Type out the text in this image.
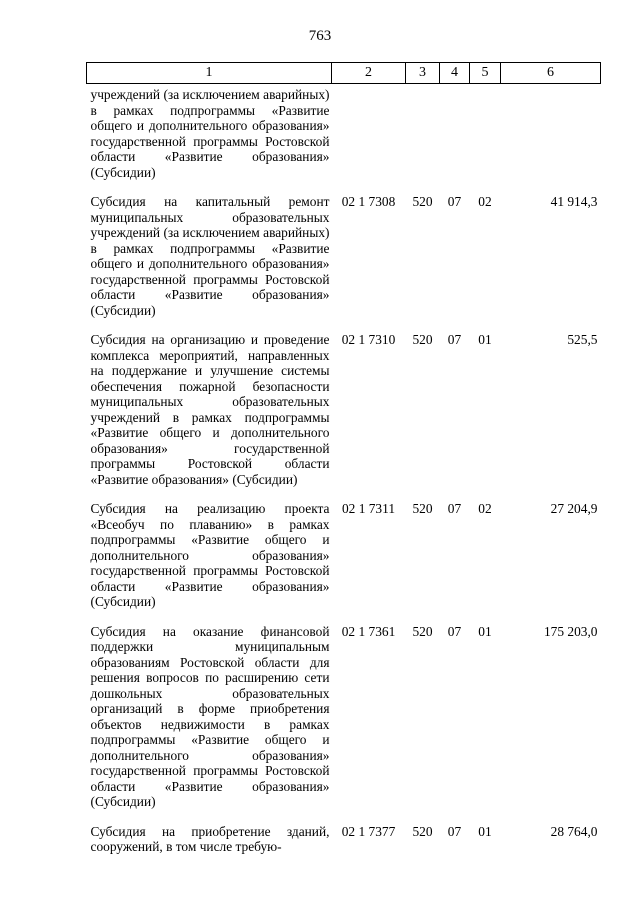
763
1	2	3	4	5	6
учреждений (за исключением аварийных) в рамках подпрограммы «Развитие общего и дополнительного образования» государственной программы Ростовской области «Развитие образования» (Субсидии)					
Субсидия на капитальный ремонт муниципальных образовательных учреждений (за исключением аварийных) в рамках подпрограммы «Развитие общего и дополнительного образования» государственной программы Ростовской области «Развитие образования» (Субсидии)	02 1 7308	520	07	02	41 914,3
Субсидия на организацию и проведение комплекса мероприятий, направленных на поддержание и улучшение системы обеспечения пожарной безопасности муниципальных образовательных учреждений в рамках подпрограммы «Развитие общего и дополнительного образования» государственной программы Ростовской области «Развитие образования» (Субсидии)	02 1 7310	520	07	01	525,5
Субсидия на реализацию проекта «Всеобуч по плаванию» в рамках подпрограммы «Развитие общего и дополнительного образования» государственной программы Ростовской области «Развитие образования» (Субсидии)	02 1 7311	520	07	02	27 204,9
Субсидия на оказание финансовой поддержки муниципальным образованиям Ростовской области для решения вопросов по расширению сети дошкольных образовательных организаций в форме приобретения объектов недвижимости в рамках подпрограммы «Развитие общего и дополнительного образования» государственной программы Ростовской области «Развитие образования» (Субсидии)	02 1 7361	520	07	01	175 203,0
Субсидия на приобретение зданий, сооружений, в том числе требую-	02 1 7377	520	07	01	28 764,0
